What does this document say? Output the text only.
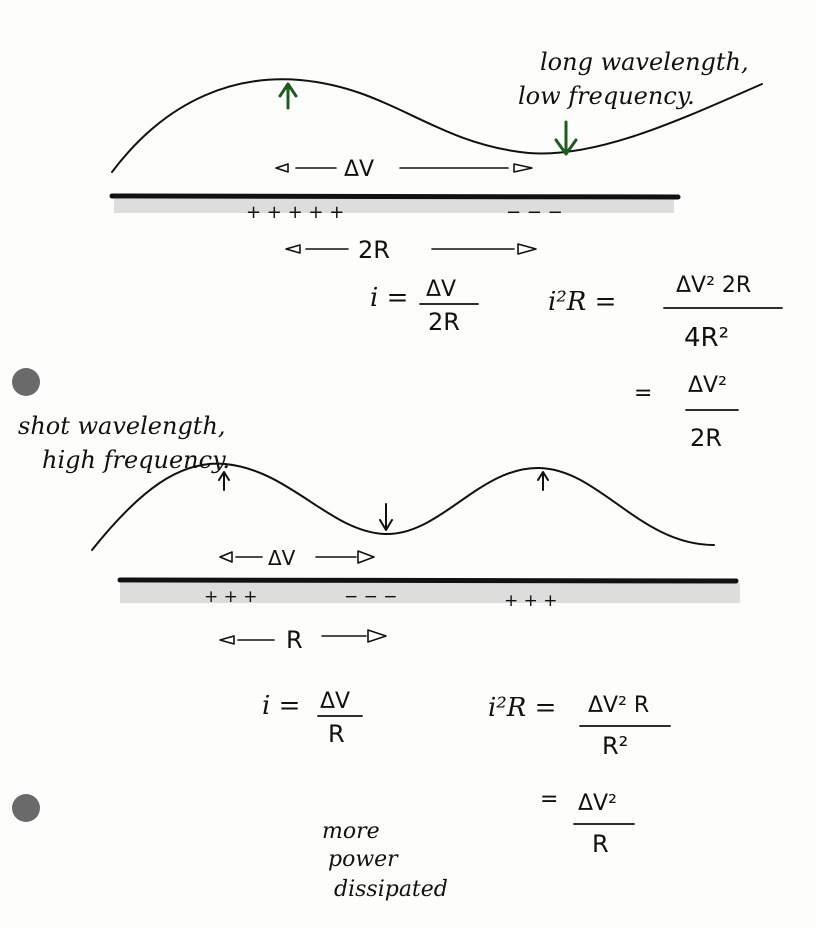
long wavelength,
low frequency.
ΔV
+ + + + +	− − −
2R
i = ΔV
2R
i²R =
ΔV² 2R
4R²
= ΔV²
2R
shot wavelength,
high frequency.
ΔV
+ + +	− − −	+ + +
R
i = ΔV
R
i²R = ΔV² R
R²
= ΔV²
R
more
power
dissipated
